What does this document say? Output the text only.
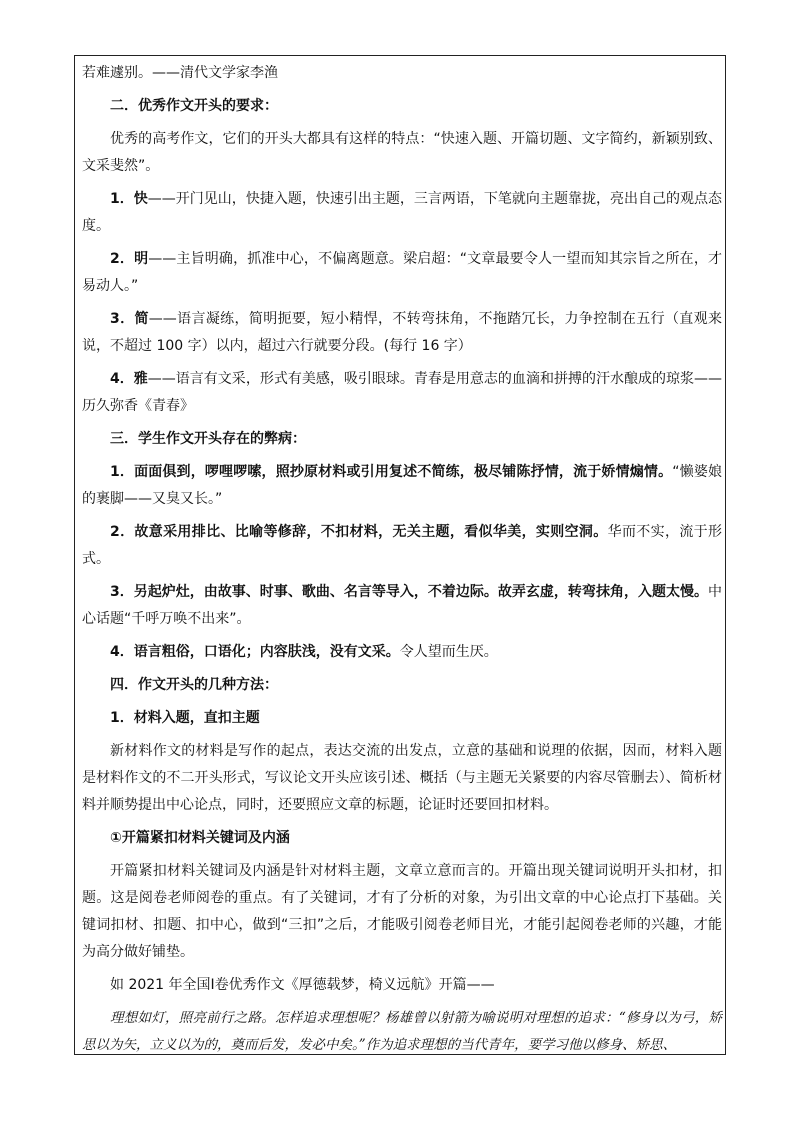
若难遽别。——清代文学家李渔

二．优秀作文开头的要求：

优秀的高考作文，它们的开头大都具有这样的特点：“快速入题、开篇切题、文字简约，新颖别致、文采斐然”。

1．快——开门见山，快捷入题，快速引出主题，三言两语，下笔就向主题靠拢，亮出自己的观点态度。

2．明——主旨明确，抓准中心，不偏离题意。梁启超：“文章最要令人一望而知其宗旨之所在，才易动人。”

3．简——语言凝练，简明扼要，短小精悍，不转弯抹角，不拖踏冗长，力争控制在五行（直观来说，不超过 100 字）以内，超过六行就要分段。(每行 16 字）

4．雅——语言有文采，形式有美感，吸引眼球。青春是用意志的血滴和拼搏的汗水酿成的琼浆——历久弥香《青春》

三．学生作文开头存在的弊病：

1．面面俱到，啰哩啰嗦，照抄原材料或引用复述不简练，极尽铺陈抒情，流于娇情煽情。“懒婆娘的裹脚——又臭又长。”

2．故意采用排比、比喻等修辞，不扣材料，无关主题，看似华美，实则空洞。华而不实，流于形式。

3．另起炉灶，由故事、时事、歌曲、名言等导入，不着边际。故弄玄虚，转弯抹角，入题太慢。中心话题“千呼万唤不出来”。

4．语言粗俗，口语化；内容肤浅，没有文采。令人望而生厌。

四．作文开头的几种方法：

1．材料入题，直扣主题

新材料作文的材料是写作的起点，表达交流的出发点，立意的基础和说理的依据，因而，材料入题是材料作文的不二开头形式，写议论文开头应该引述、概括（与主题无关紧要的内容尽管删去）、简析材料并顺势提出中心论点，同时，还要照应文章的标题，论证时还要回扣材料。

①开篇紧扣材料关键词及内涵

开篇紧扣材料关键词及内涵是针对材料主题，文章立意而言的。开篇出现关键词说明开头扣材，扣题。这是阅卷老师阅卷的重点。有了关键词，才有了分析的对象，为引出文章的中心论点打下基础。关键词扣材、扣题、扣中心，做到“三扣”之后，才能吸引阅卷老师目光，才能引起阅卷老师的兴趣，才能为高分做好铺垫。

如 2021 年全国Ⅰ卷优秀作文《厚德载梦，椅义远航》开篇——

理想如灯，照亮前行之路。怎样追求理想呢？杨雄曾以射箭为喻说明对理想的追求：“修身以为弓，矫思以为矢，立义以为的，奠而后发，发必中矣。”作为追求理想的当代青年，要学习他以修身、矫思、
